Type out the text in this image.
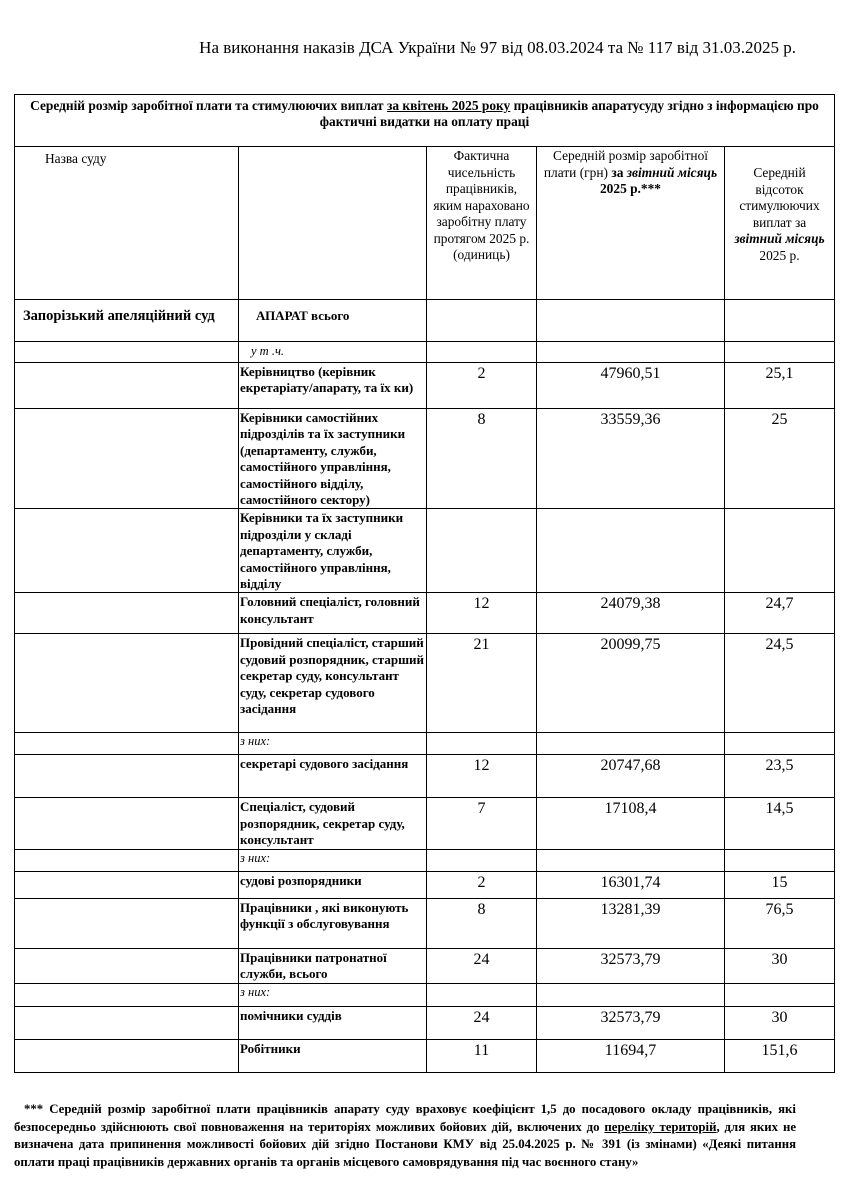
На виконання наказів ДСА України № 97 від 08.03.2024 та № 117 від 31.03.2025 р.
Середній розмір заробітної плати та стимулюючих виплат за квітень 2025 року працівників апаратусуду згідно з інформацією про фактичні видатки на оплату праці				
Назва суду		Фактична чисельність працівників, яким нараховано заробітну плату протягом 2025 р.(одиниць)	Середній розмір заробітної плати (грн) за звітний місяць 2025 р.***	Середній відсоток стимулюючих виплат за звітний місяць 2025 р.
Запорізький апеляційний суд	АПАРАТ всього			
	у т .ч.			
	Керівництво (керівник екретаріату/апарату, та їх ки)	2	47960,51	25,1
	Керівники самостійних підрозділів та їх заступники (департаменту, служби, самостійного управління, самостійного відділу, самостійного сектору)	8	33559,36	25
	Керівники та їх заступники підрозділи у складі департаменту, служби, самостійного управління, відділу			
	Головний спеціаліст, головний консультант	12	24079,38	24,7
	Провідний спеціаліст, старший судовий розпорядник, старший секретар суду, консультант суду, секретар судового засідання	21	20099,75	24,5
	з них:			
	секретарі судового засідання	12	20747,68	23,5
	Спеціаліст, судовий розпорядник, секретар суду, консультант	7	17108,4	14,5
	з них:			
	судові розпорядники	2	16301,74	15
	Працівники , які виконують функції з обслуговування	8	13281,39	76,5
	Працівники патронатної служби, всього	24	32573,79	30
	з них:			
	помічники суддів	24	32573,79	30
	Робітники	11	11694,7	151,6
*** Середній розмір заробітної плати працівників апарату суду враховує коефіцієнт 1,5 до посадового окладу працівників, які безпосередньо здійснюють свої повноваження на територіях можливих бойових дій, включених до переліку територій, для яких не визначена дата припинення можливості бойових дій згідно Постанови КМУ від 25.04.2025 р. № 391 (із змінами) «Деякі питання оплати праці працівників державних органів та органів місцевого самоврядування під час воєнного стану»
